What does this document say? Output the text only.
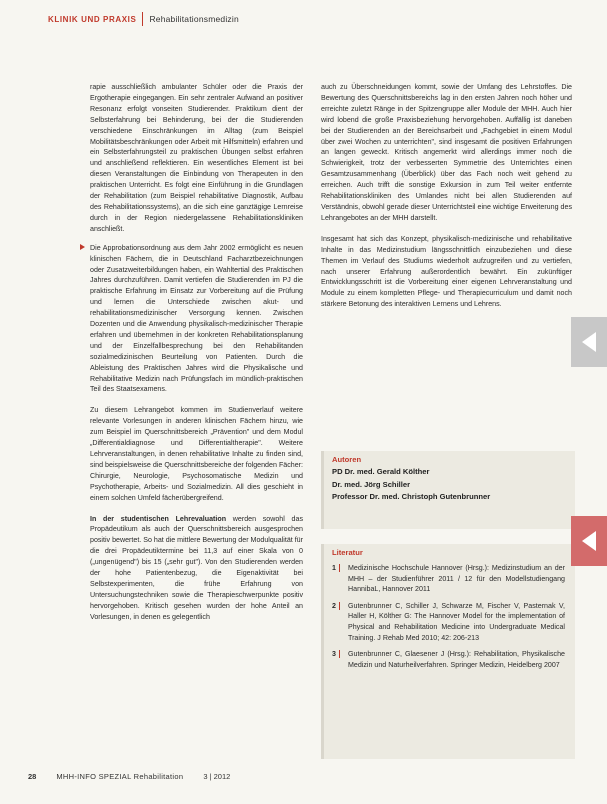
KLINIK UND PRAXIS Rehabilitationsmedizin

rapie ausschließlich ambulanter Schüler oder die Praxis der Ergotherapie eingegangen. Ein sehr zentraler Aufwand an positiver Resonanz erfolgt vonseiten Studierender. Praktikum dient der Selbsterfahrung bei Behinderung, bei der die Studierenden verschiedene Einschränkungen im Alltag (zum Beispiel Mobilitätsbeschränkungen oder Arbeit mit Hilfsmitteln) erfahren und ein Selbsterfahrungsteil zu praktischen Übungen selbst erfahren und anschließend reflektieren. Ein wesentliches Element ist bei diesen Veranstaltungen die Einbindung von Therapeuten in den praktischen Unterricht. Es folgt eine Einführung in die Grundlagen der Rehabilitation (zum Beispiel rehabilitative Diagnostik, Aufbau des Rehabilitationssystems), an die sich eine ganztägige Lernreise durch in der Region niedergelassene Rehabilitationskliniken anschließt.

Die Approbationsordnung aus dem Jahr 2002 ermöglicht es neuen klinischen Fächern, die in Deutschland Facharztbezeichnungen oder Zusatzweiterbildungen haben, ein Wahltertial des Praktischen Jahres durchzuführen. Damit vertiefen die Studierenden im PJ die praktische Erfahrung im Einsatz zur Vorbereitung auf die Prüfung und lernen die Unterschiede zwischen akut- und rehabilitationsmedizinischer Versorgung kennen. Zwischen Dozenten und die Anwendung physikalisch-medizinischer Therapie erfahren und übernehmen in der konkreten Rehabilitationsplanung und der Einzelfallbesprechung bei den Rehabilitanden sozialmedizinischen Beurteilung von Patienten. Durch die Ableistung des Praktischen Jahres wird die Physikalische und Rehabilitative Medizin nach Prüfungsfach im mündlich-praktischen Teil des Staatsexamens.

Zu diesem Lehrangebot kommen im Studienverlauf weitere relevante Vorlesungen in anderen klinischen Fächern hinzu, wie zum Beispiel im Querschnittsbereich „Prävention" und dem Modul „Differentialdiagnose und Differentialtherapie". Weitere Lehrveranstaltungen, in denen rehabilitative Inhalte zu finden sind, sind beispielsweise die Querschnittsbereiche der folgenden Fächer: Chirurgie, Neurologie, Psychosomatische Medizin und Psychotherapie, Arbeits- und Sozialmedizin. All dies geschieht in einem solchen Umfeld fächerübergreifend.

In der studentischen Lehrevaluation werden sowohl das Propädeutikum als auch der Querschnittsbereich ausgesprochen positiv bewertet. So hat die mittlere Bewertung der Modulqualität für die drei Propädeutiktermine bei 11,3 auf einer Skala von 0 („ungenügend") bis 15 („sehr gut"). Von den Studierenden werden der hohe Patientenbezug, die Eigenaktivität bei Selbstexperimenten, die frühe Erfahrung von Untersuchungstechniken sowie die Therapieschwerpunkte positiv hervorgehoben. Kritisch gesehen wurden der hohe Anteil an Vorlesungen, in denen es gelegentlich

auch zu Überschneidungen kommt, sowie der Umfang des Lehrstoffes. Die Bewertung des Querschnittsbereichs lag in den ersten Jahren noch höher und erreichte zuletzt Ränge in der Spitzengruppe aller Module der MHH. Auch hier wird lobend die große Praxisbeziehung hervorgehoben. Auffällig ist daneben bei der Studierenden an der Bereichsarbeit und „Fachgebiet in einem Modul über zwei Wochen zu unterrichten", sind insgesamt die positiven Erfahrungen an langen geweckt. Kritisch angemerkt wird allerdings immer noch die Schwierigkeit, trotz der verbesserten Symmetrie des Unterrichtes einen Gesamtzusammenhang (Überblick) über das Fach noch weit gehend zu erreichen. Auch trifft die sonstige Exkursion in zum Teil weiter entfernte Rehabilitationskliniken des Umlandes nicht bei allen Studierenden auf Verständnis, obwohl gerade dieser Unterrichtsteil eine wichtige Erweiterung des Lehrangebotes an der MHH darstellt.

Insgesamt hat sich das Konzept, physikalisch-medizinische und rehabilitative Inhalte in das Medizinstudium längsschnittlich einzubeziehen und diese Themen im Verlauf des Studiums wiederholt aufzugreifen und zu vertiefen, nach unserer Erfahrung außerordentlich bewährt. Ein zukünftiger Entwicklungsschritt ist die Vorbereitung einer eigenen Lehrveranstaltung und Module zu einem kompletten Pflege- und Therapiecurriculum und damit noch stärkere Betonung des interaktiven Lernens und Lehrens.

Autoren
PD Dr. med. Gerald Költher
Dr. med. Jörg Schiller
Professor Dr. med. Christoph Gutenbrunner
Literatur
1	Medizinische Hochschule Hannover (Hrsg.): Medizinstudium an der MHH – der Studienführer 2011 / 12 für den Modellstudiengang HannibaL, Hannover 2011
2	Gutenbrunner C, Schiller J, Schwarze M, Fischer V, Pasternak V, Haller H, Költher G: The Hannover Model for the implementation of Physical and Rehabilitation Medicine into Undergraduate Medical Training. J Rehab Med 2010; 42: 206-213
3	Gutenbrunner C, Glaesener J (Hrsg.): Rehabilitation, Physikalische Medizin und Naturheilverfahren. Springer Medizin, Heidelberg 2007
28	MHH-INFO SPEZIAL Rehabilitation	3 | 2012
